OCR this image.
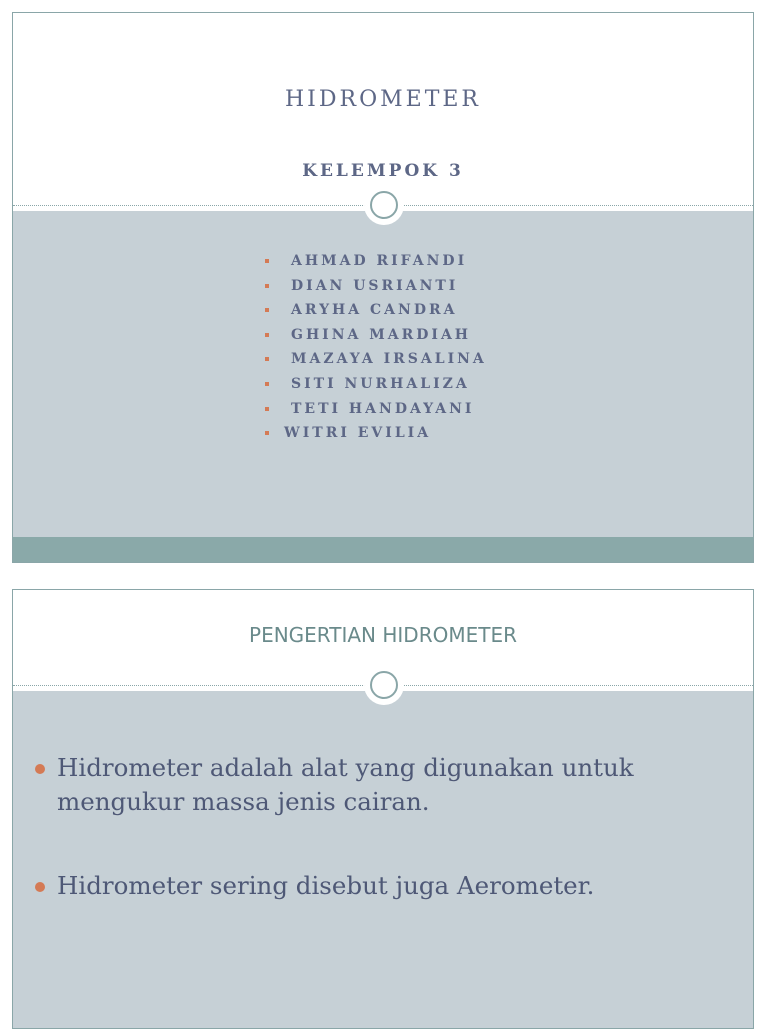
HIDROMETER
KELEMPOK 3
AHMAD RIFANDI
DIAN USRIANTI
ARYHA CANDRA
GHINA MARDIAH
MAZAYA IRSALINA
SITI NURHALIZA
TETI HANDAYANI
WITRI EVILIA
PENGERTIAN HIDROMETER
Hidrometer adalah alat yang digunakan untuk mengukur massa jenis cairan.
Hidrometer sering disebut juga Aerometer.
